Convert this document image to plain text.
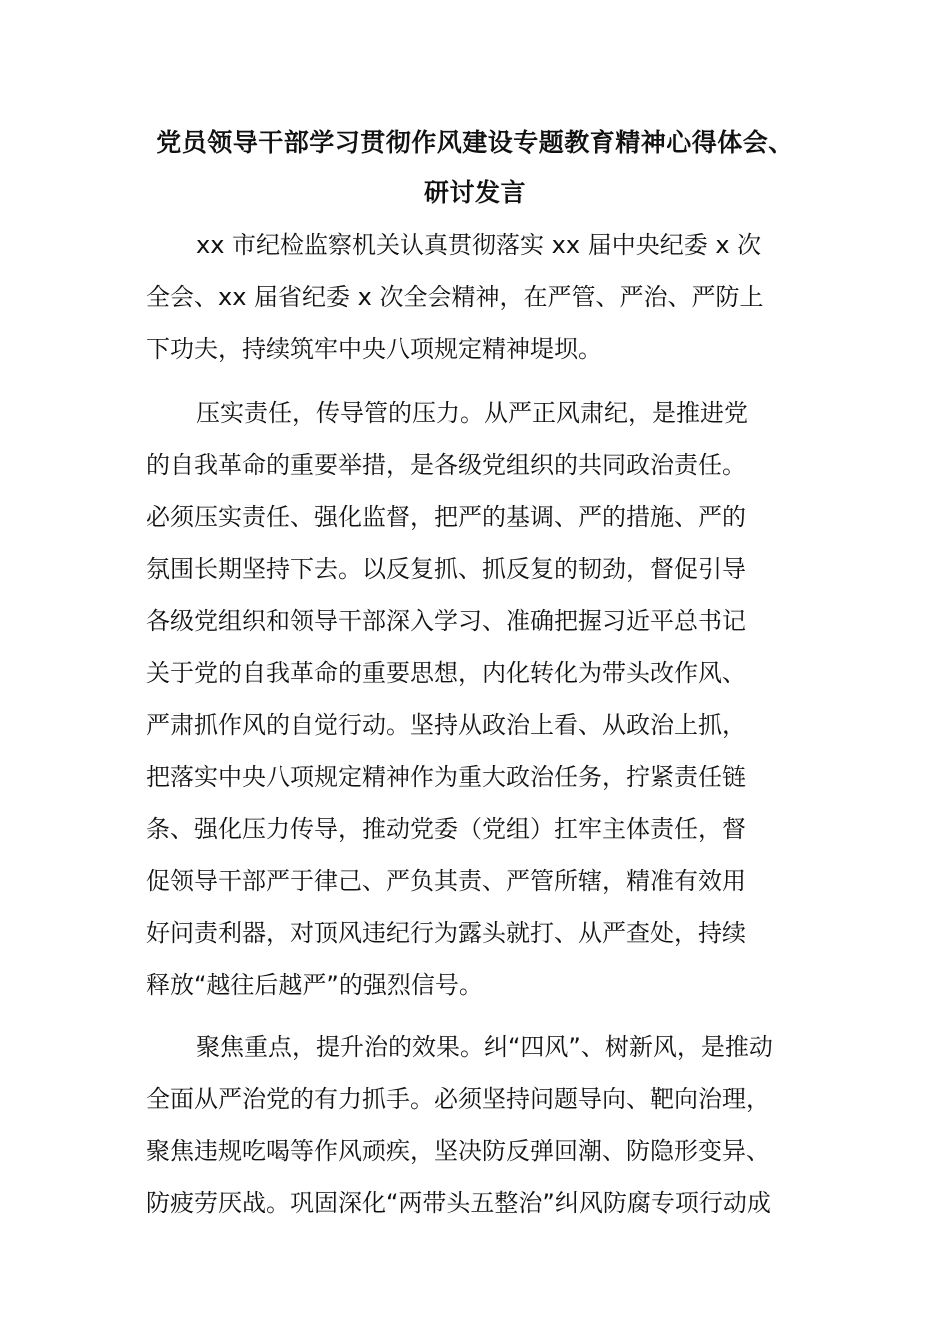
党员领导干部学习贯彻作风建设专题教育精神心得体会、
研讨发言

xx 市纪检监察机关认真贯彻落实 xx 届中央纪委 x 次

全会、xx 届省纪委 x 次全会精神，在严管、严治、严防上

下功夫，持续筑牢中央八项规定精神堤坝。

压实责任，传导管的压力。从严正风肃纪，是推进党

的自我革命的重要举措，是各级党组织的共同政治责任。

必须压实责任、强化监督，把严的基调、严的措施、严的

氛围长期坚持下去。以反复抓、抓反复的韧劲，督促引导

各级党组织和领导干部深入学习、准确把握习近平总书记

关于党的自我革命的重要思想，内化转化为带头改作风、

严肃抓作风的自觉行动。坚持从政治上看、从政治上抓，

把落实中央八项规定精神作为重大政治任务，拧紧责任链

条、强化压力传导，推动党委（党组）扛牢主体责任，督

促领导干部严于律己、严负其责、严管所辖，精准有效用

好问责利器，对顶风违纪行为露头就打、从严查处，持续

释放“越往后越严”的强烈信号。

聚焦重点，提升治的效果。纠“四风”、树新风，是推动

全面从严治党的有力抓手。必须坚持问题导向、靶向治理，

聚焦违规吃喝等作风顽疾，坚决防反弹回潮、防隐形变异、

防疲劳厌战。巩固深化“两带头五整治”纠风防腐专项行动成
